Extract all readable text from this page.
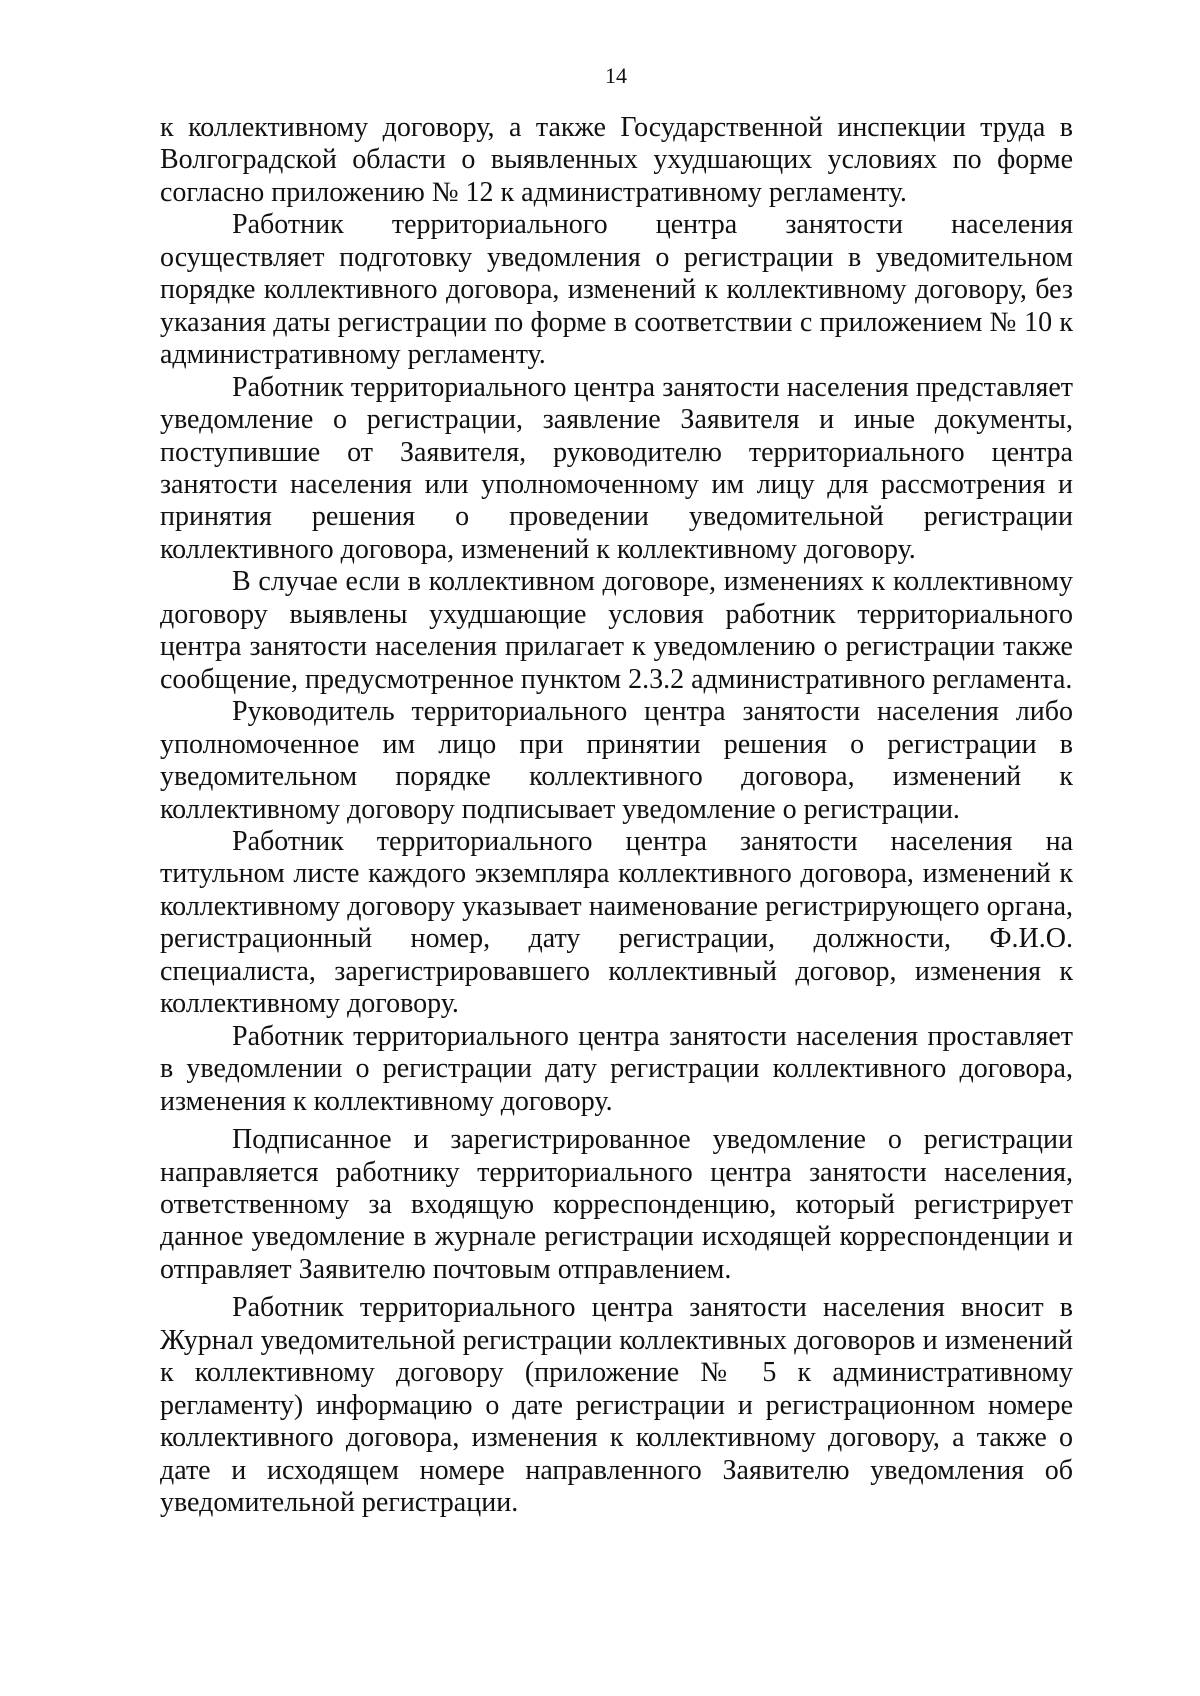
14

к коллективному договору, а также Государственной инспекции труда в Волгоградской области о выявленных ухудшающих условиях по форме согласно приложению № 12 к административному регламенту.

Работник территориального центра занятости населения осуществляет подготовку уведомления о регистрации в уведомительном порядке коллективного договора, изменений к коллективному договору, без указания даты регистрации по форме в соответствии с приложением № 10 к административному регламенту.

Работник территориального центра занятости населения представляет уведомление о регистрации, заявление Заявителя и иные документы, поступившие от Заявителя, руководителю территориального центра занятости населения или уполномоченному им лицу для рассмотрения и принятия решения о проведении уведомительной регистрации коллективного договора, изменений к коллективному договору.

В случае если в коллективном договоре, изменениях к коллективному договору выявлены ухудшающие условия работник территориального центра занятости населения прилагает к уведомлению о регистрации также сообщение, предусмотренное пунктом 2.3.2 административного регламента.

Руководитель территориального центра занятости населения либо уполномоченное им лицо при принятии решения о регистрации в уведомительном порядке коллективного договора, изменений к коллективному договору подписывает уведомление о регистрации.

Работник территориального центра занятости населения на титульном листе каждого экземпляра коллективного договора, изменений к коллективному договору указывает наименование регистрирующего органа, регистрационный номер, дату регистрации, должности, Ф.И.О. специалиста, зарегистрировавшего коллективный договор, изменения к коллективному договору.

Работник территориального центра занятости населения проставляет в уведомлении о регистрации дату регистрации коллективного договора, изменения к коллективному договору.

Подписанное и зарегистрированное уведомление о регистрации направляется работнику территориального центра занятости населения, ответственному за входящую корреспонденцию, который регистрирует данное уведомление в журнале регистрации исходящей корреспонденции и отправляет Заявителю почтовым отправлением.

Работник территориального центра занятости населения вносит в Журнал уведомительной регистрации коллективных договоров и изменений к коллективному договору (приложение № 5 к административному регламенту) информацию о дате регистрации и регистрационном номере коллективного договора, изменения к коллективному договору, а также о дате и исходящем номере направленного Заявителю уведомления об уведомительной регистрации.
